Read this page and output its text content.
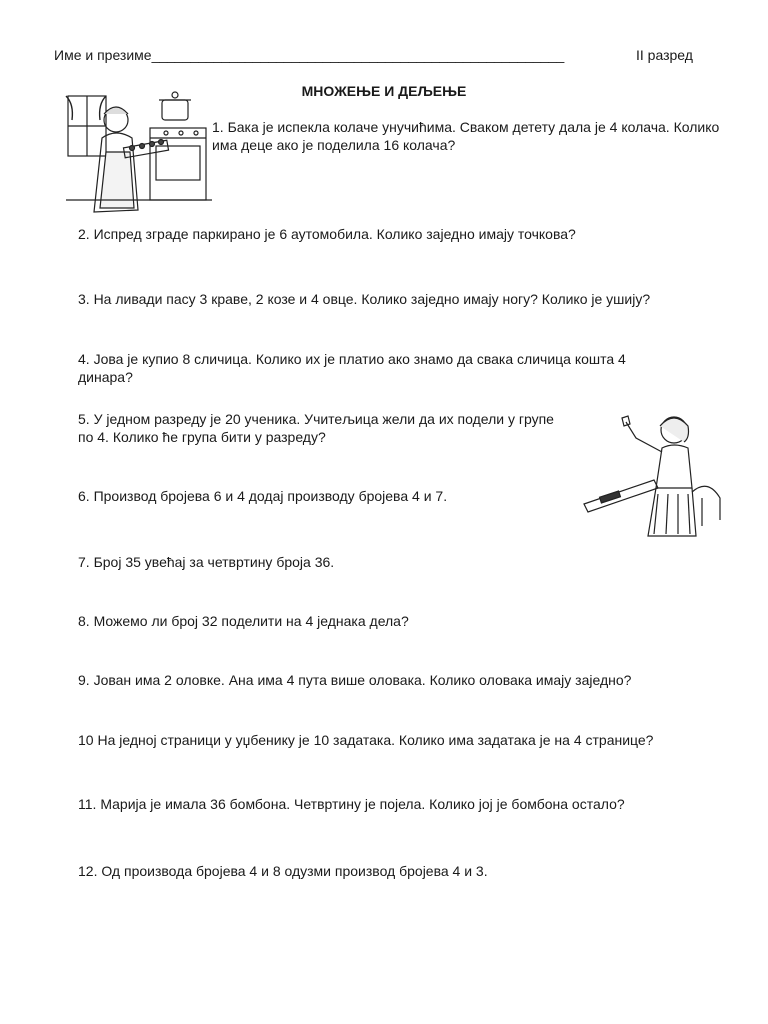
Име и презиме_____________________________________________________	II разред
МНОЖЕЊЕ И ДЕЉЕЊЕ
1. Бака је испекла колаче унучићима. Сваком детету дала је 4 колача. Колико има деце ако је поделила 16 колача?
2. Испред зграде паркирано је 6 аутомобила. Колико заједно имају точкова?
3. На ливади пасу 3 краве, 2 козе и 4 овце. Колико заједно имају ногу? Колико је ушију?
4. Јова је купио 8 сличица. Колико их је платио ако знамо да свака сличица кошта 4 динара?
5. У једном разреду је 20 ученика. Учитељица жели да их подели у групе по 4. Колико ће група бити у разреду?
6. Производ бројева 6 и 4 додај производу бројева 4 и 7.
7. Број 35 увећај за четвртину броја 36.
8. Можемо ли број 32 поделити на 4 једнака дела?
9. Јован има 2 оловке. Ана има 4 пута више оловака. Колико оловака имају заједно?
10 На једној страници у уџбенику је 10 задатака. Колико има задатака је на 4 странице?
11. Марија је имала 36 бомбона. Четвртину је појела. Колико јој је бомбона остало?
12. Од производа бројева 4 и 8 одузми производ бројева 4 и 3.
